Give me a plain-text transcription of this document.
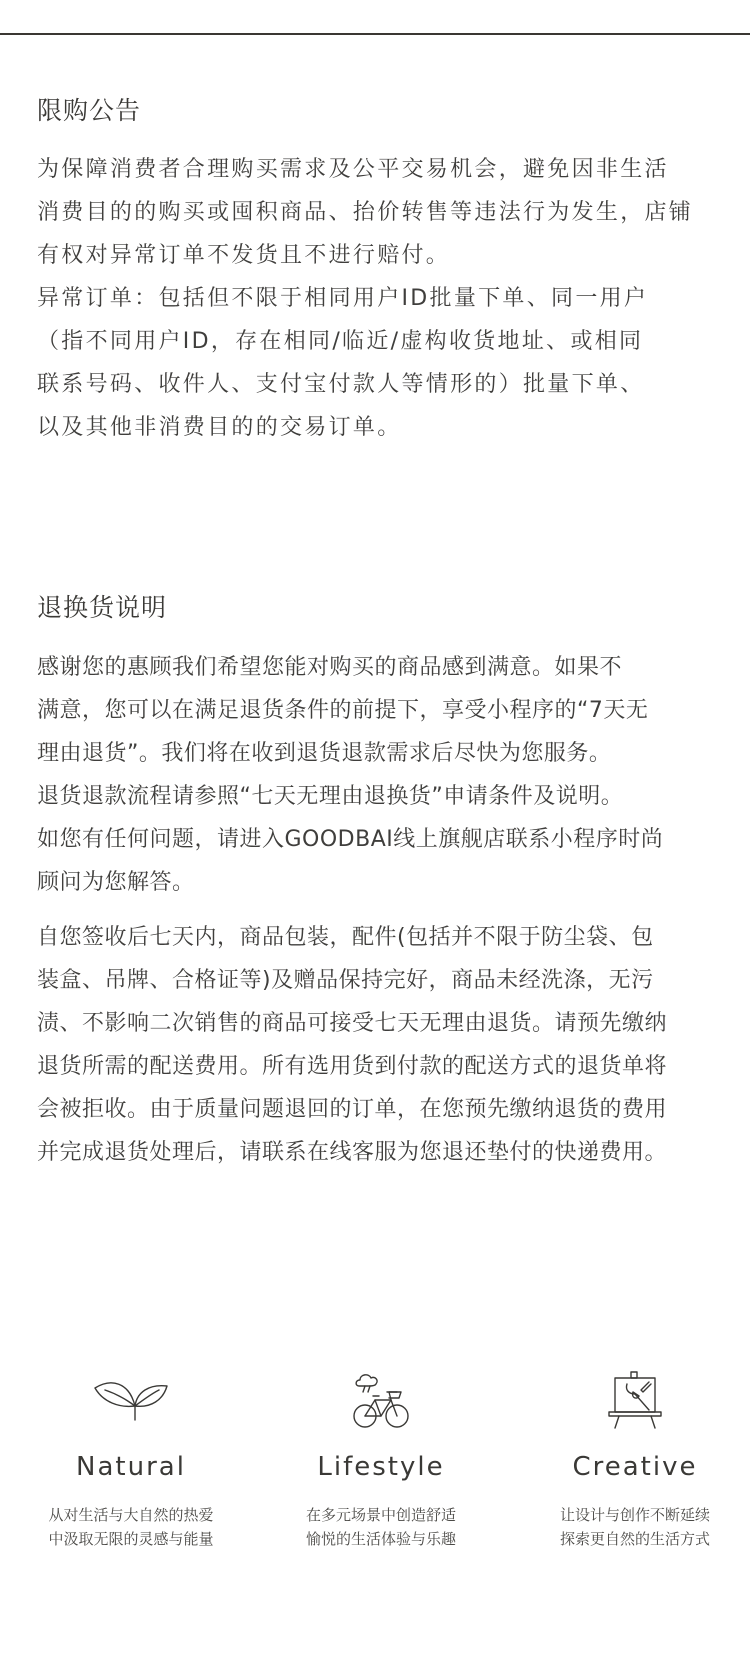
限购公告

为保障消费者合理购买需求及公平交易机会，避免因非生活

消费目的的购买或囤积商品、抬价转售等违法行为发生，店铺

有权对异常订单不发货且不进行赔付。

异常订单：包括但不限于相同用户ID批量下单、同一用户

（指不同用户ID，存在相同/临近/虚构收货地址、或相同

联系号码、收件人、支付宝付款人等情形的）批量下单、

以及其他非消费目的的交易订单。

退换货说明

感谢您的惠顾我们希望您能对购买的商品感到满意。如果不

满意，您可以在满足退货条件的前提下，享受小程序的“7天无

理由退货”。我们将在收到退货退款需求后尽快为您服务。

退货退款流程请参照“七天无理由退换货”申请条件及说明。

如您有任何问题，请进入GOODBAI线上旗舰店联系小程序时尚

顾问为您解答。

自您签收后七天内，商品包装，配件(包括并不限于防尘袋、包

装盒、吊牌、合格证等)及赠品保持完好，商品未经洗涤，无污

渍、不影响二次销售的商品可接受七天无理由退货。请预先缴纳

退货所需的配送费用。所有选用货到付款的配送方式的退货单将

会被拒收。由于质量问题退回的订单，在您预先缴纳退货的费用

并完成退货处理后，请联系在线客服为您退还垫付的快递费用。

Natural
从对生活与大自然的热爱
中汲取无限的灵感与能量
Lifestyle
在多元场景中创造舒适
愉悦的生活体验与乐趣
Creative
让设计与创作不断延续
探索更自然的生活方式
